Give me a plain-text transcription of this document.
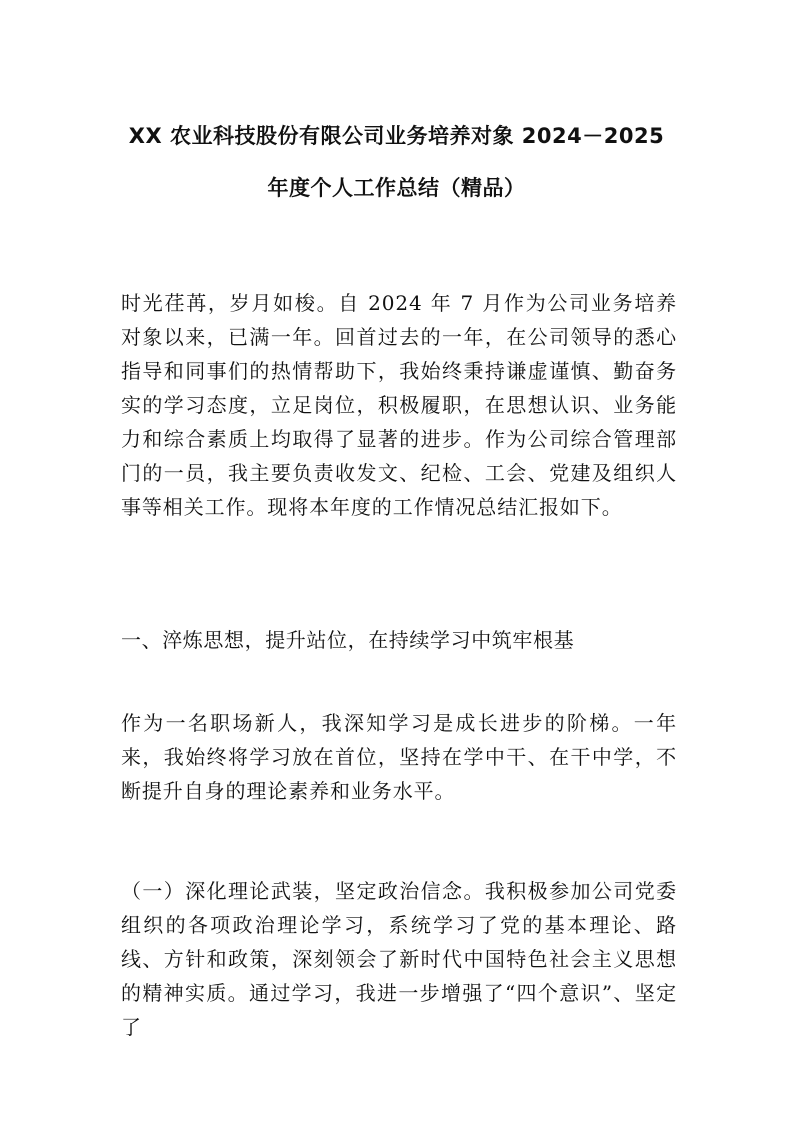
XX 农业科技股份有限公司业务培养对象 2024－2025
年度个人工作总结（精品）

时光荏苒，岁月如梭。自 2024 年 7 月作为公司业务培养对象以来，已满一年。回首过去的一年，在公司领导的悉心指导和同事们的热情帮助下，我始终秉持谦虚谨慎、勤奋务实的学习态度，立足岗位，积极履职，在思想认识、业务能力和综合素质上均取得了显著的进步。作为公司综合管理部门的一员，我主要负责收发文、纪检、工会、党建及组织人事等相关工作。现将本年度的工作情况总结汇报如下。

一、淬炼思想，提升站位，在持续学习中筑牢根基

作为一名职场新人，我深知学习是成长进步的阶梯。一年来，我始终将学习放在首位，坚持在学中干、在干中学，不断提升自身的理论素养和业务水平。

（一）深化理论武装，坚定政治信念。我积极参加公司党委组织的各项政治理论学习，系统学习了党的基本理论、路线、方针和政策，深刻领会了新时代中国特色社会主义思想的精神实质。通过学习，我进一步增强了“四个意识”、坚定了
